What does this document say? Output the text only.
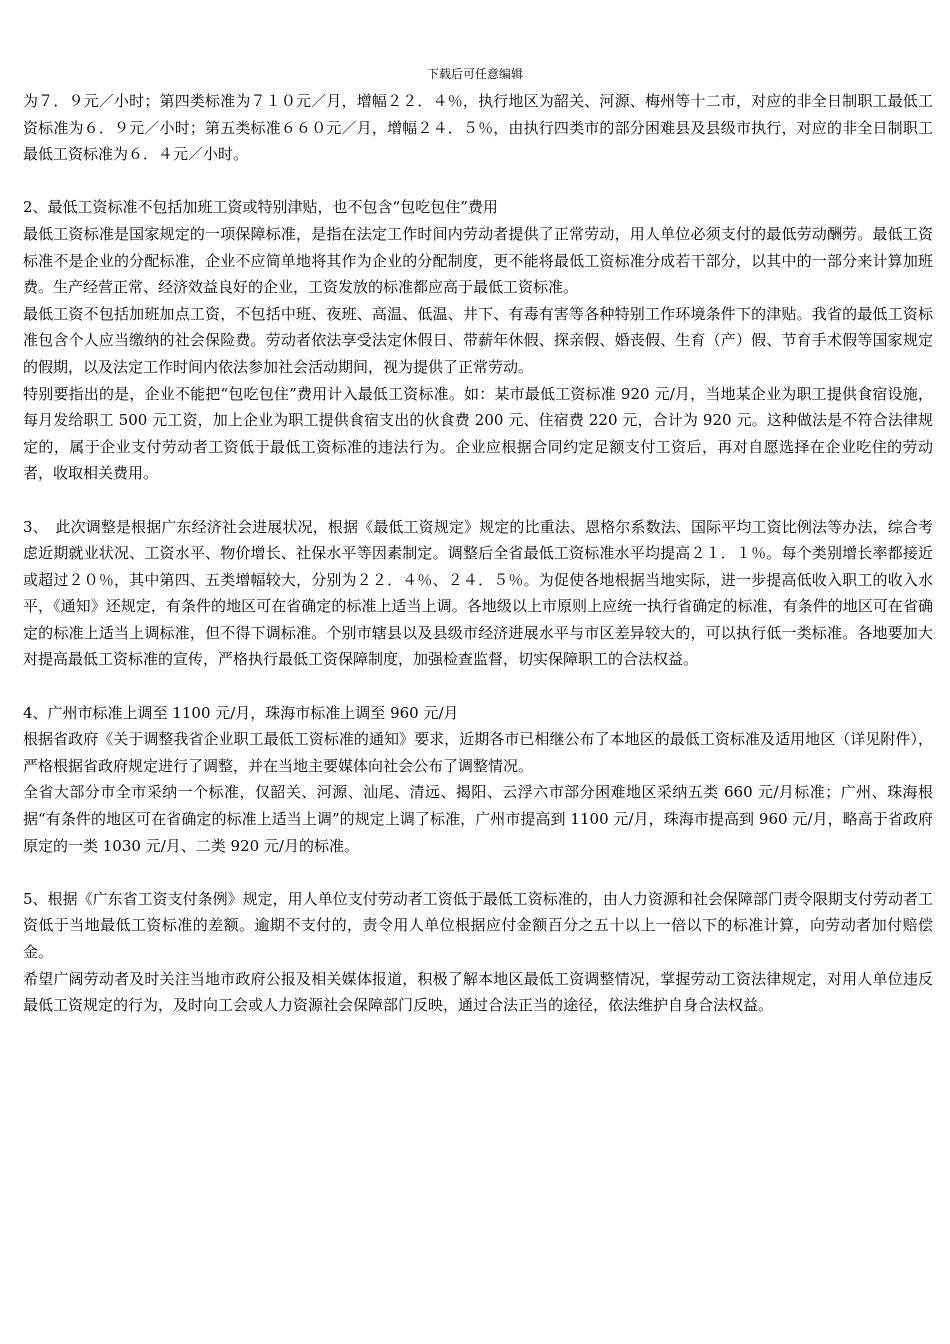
下载后可任意编辑

为７．９元／小时；第四类标准为７１０元／月，增幅２２．４％，执行地区为韶关、河源、梅州等十二市，对应的非全日制职工最低工资标准为６．９元／小时；第五类标准６６０元／月，增幅２４．５％，由执行四类市的部分困难县及县级市执行，对应的非全日制职工最低工资标准为６．４元／小时。

2、最低工资标准不包括加班工资或特别津贴，也不包含“包吃包住”费用

最低工资标准是国家规定的一项保障标准，是指在法定工作时间内劳动者提供了正常劳动，用人单位必须支付的最低劳动酬劳。最低工资标准不是企业的分配标准，企业不应简单地将其作为企业的分配制度，更不能将最低工资标准分成若干部分，以其中的一部分来计算加班费。生产经营正常、经济效益良好的企业，工资发放的标准都应高于最低工资标准。

最低工资不包括加班加点工资，不包括中班、夜班、高温、低温、井下、有毒有害等各种特别工作环境条件下的津贴。我省的最低工资标准包含个人应当缴纳的社会保险费。劳动者依法享受法定休假日、带薪年休假、探亲假、婚丧假、生育（产）假、节育手术假等国家规定的假期，以及法定工作时间内依法参加社会活动期间，视为提供了正常劳动。

特别要指出的是，企业不能把“包吃包住”费用计入最低工资标准。如：某市最低工资标准 920 元/月，当地某企业为职工提供食宿设施，每月发给职工 500 元工资，加上企业为职工提供食宿支出的伙食费 200 元、住宿费 220 元，合计为 920 元。这种做法是不符合法律规定的，属于企业支付劳动者工资低于最低工资标准的违法行为。企业应根据合同约定足额支付工资后，再对自愿选择在企业吃住的劳动者，收取相关费用。

3、　此次调整是根据广东经济社会进展状况，根据《最低工资规定》规定的比重法、恩格尔系数法、国际平均工资比例法等办法，综合考虑近期就业状况、工资水平、物价增长、社保水平等因素制定。调整后全省最低工资标准水平均提高２１．１％。每个类别增长率都接近或超过２０％，其中第四、五类增幅较大，分别为２２．４％、２４．５％。为促使各地根据当地实际，进一步提高低收入职工的收入水平，《通知》还规定，有条件的地区可在省确定的标准上适当上调。各地级以上市原则上应统一执行省确定的标准，有条件的地区可在省确定的标准上适当上调标准，但不得下调标准。个别市辖县以及县级市经济进展水平与市区差异较大的，可以执行低一类标准。各地要加大对提高最低工资标准的宣传，严格执行最低工资保障制度，加强检查监督，切实保障职工的合法权益。

4、广州市标准上调至 1100 元/月，珠海市标准上调至 960 元/月

根据省政府《关于调整我省企业职工最低工资标准的通知》要求，近期各市已相继公布了本地区的最低工资标准及适用地区（详见附件），严格根据省政府规定进行了调整，并在当地主要媒体向社会公布了调整情况。

全省大部分市全市采纳一个标准，仅韶关、河源、汕尾、清远、揭阳、云浮六市部分困难地区采纳五类 660 元/月标准；广州、珠海根据“有条件的地区可在省确定的标准上适当上调”的规定上调了标准，广州市提高到 1100 元/月，珠海市提高到 960 元/月，略高于省政府原定的一类 1030 元/月、二类 920 元/月的标准。

5、根据《广东省工资支付条例》规定，用人单位支付劳动者工资低于最低工资标准的，由人力资源和社会保障部门责令限期支付劳动者工资低于当地最低工资标准的差额。逾期不支付的，责令用人单位根据应付金额百分之五十以上一倍以下的标准计算，向劳动者加付赔偿金。

希望广阔劳动者及时关注当地市政府公报及相关媒体报道，积极了解本地区最低工资调整情况，掌握劳动工资法律规定，对用人单位违反最低工资规定的行为，及时向工会或人力资源社会保障部门反映，通过合法正当的途径，依法维护自身合法权益。
